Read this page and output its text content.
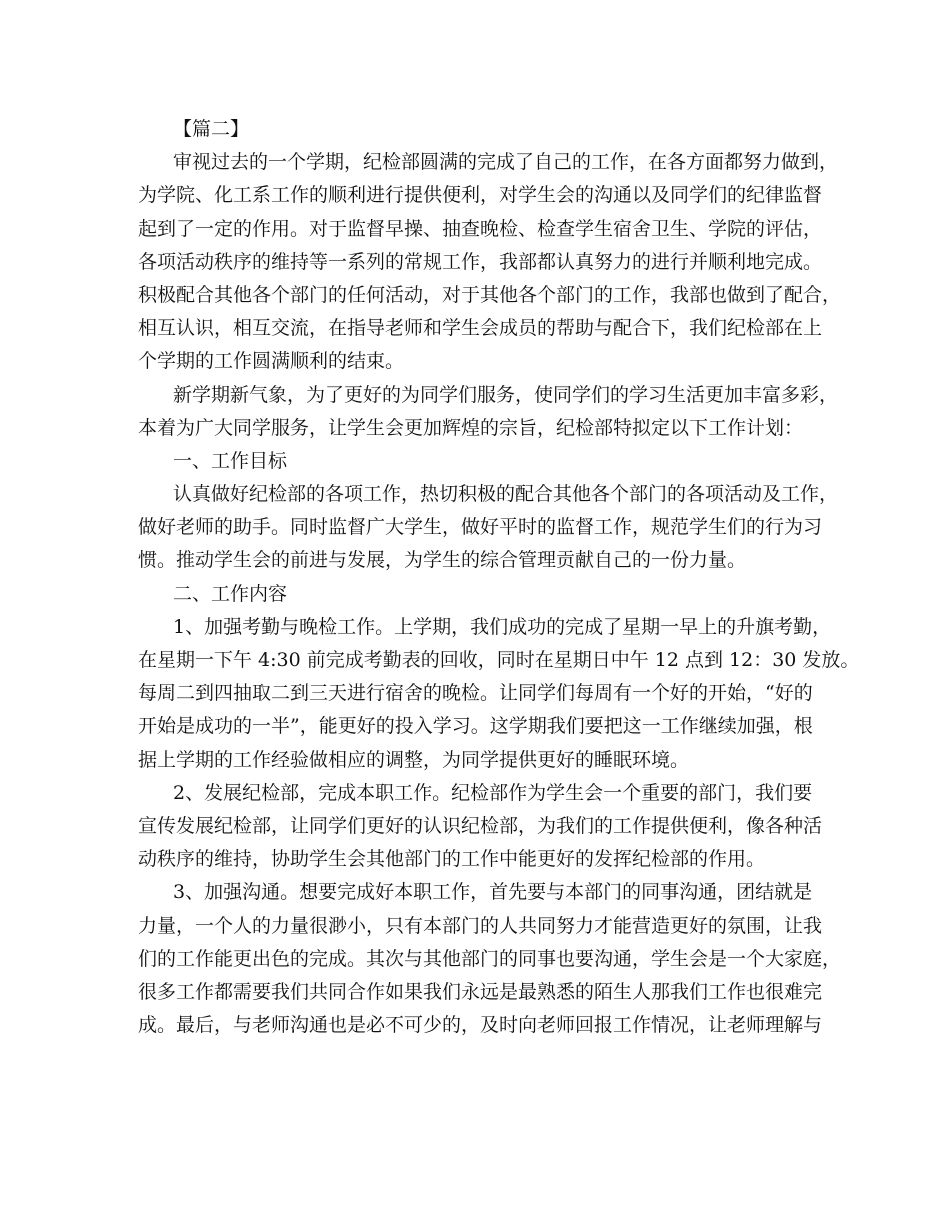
【篇二】
审视过去的一个学期，纪检部圆满的完成了自己的工作，在各方面都努力做到，
为学院、化工系工作的顺利进行提供便利，对学生会的沟通以及同学们的纪律监督
起到了一定的作用。对于监督早操、抽查晚检、检查学生宿舍卫生、学院的评估，
各项活动秩序的维持等一系列的常规工作，我部都认真努力的进行并顺利地完成。
积极配合其他各个部门的任何活动，对于其他各个部门的工作，我部也做到了配合，
相互认识，相互交流，在指导老师和学生会成员的帮助与配合下，我们纪检部在上
个学期的工作圆满顺利的结束。
新学期新气象，为了更好的为同学们服务，使同学们的学习生活更加丰富多彩，
本着为广大同学服务，让学生会更加辉煌的宗旨，纪检部特拟定以下工作计划：
一、工作目标
认真做好纪检部的各项工作，热切积极的配合其他各个部门的各项活动及工作，
做好老师的助手。同时监督广大学生，做好平时的监督工作，规范学生们的行为习
惯。推动学生会的前进与发展，为学生的综合管理贡献自己的一份力量。
二、工作内容
1、加强考勤与晚检工作。上学期，我们成功的完成了星期一早上的升旗考勤，
在星期一下午 4:30 前完成考勤表的回收，同时在星期日中午 12 点到 12：30 发放。
每周二到四抽取二到三天进行宿舍的晚检。让同学们每周有一个好的开始，“好的
开始是成功的一半”，能更好的投入学习。这学期我们要把这一工作继续加强，根
据上学期的工作经验做相应的调整，为同学提供更好的睡眠环境。
2、发展纪检部，完成本职工作。纪检部作为学生会一个重要的部门，我们要
宣传发展纪检部，让同学们更好的认识纪检部，为我们的工作提供便利，像各种活
动秩序的维持，协助学生会其他部门的工作中能更好的发挥纪检部的作用。
3、加强沟通。想要完成好本职工作，首先要与本部门的同事沟通，团结就是
力量，一个人的力量很渺小，只有本部门的人共同努力才能营造更好的氛围，让我
们的工作能更出色的完成。其次与其他部门的同事也要沟通，学生会是一个大家庭，
很多工作都需要我们共同合作如果我们永远是最熟悉的陌生人那我们工作也很难完
成。最后，与老师沟通也是必不可少的，及时向老师回报工作情况，让老师理解与
